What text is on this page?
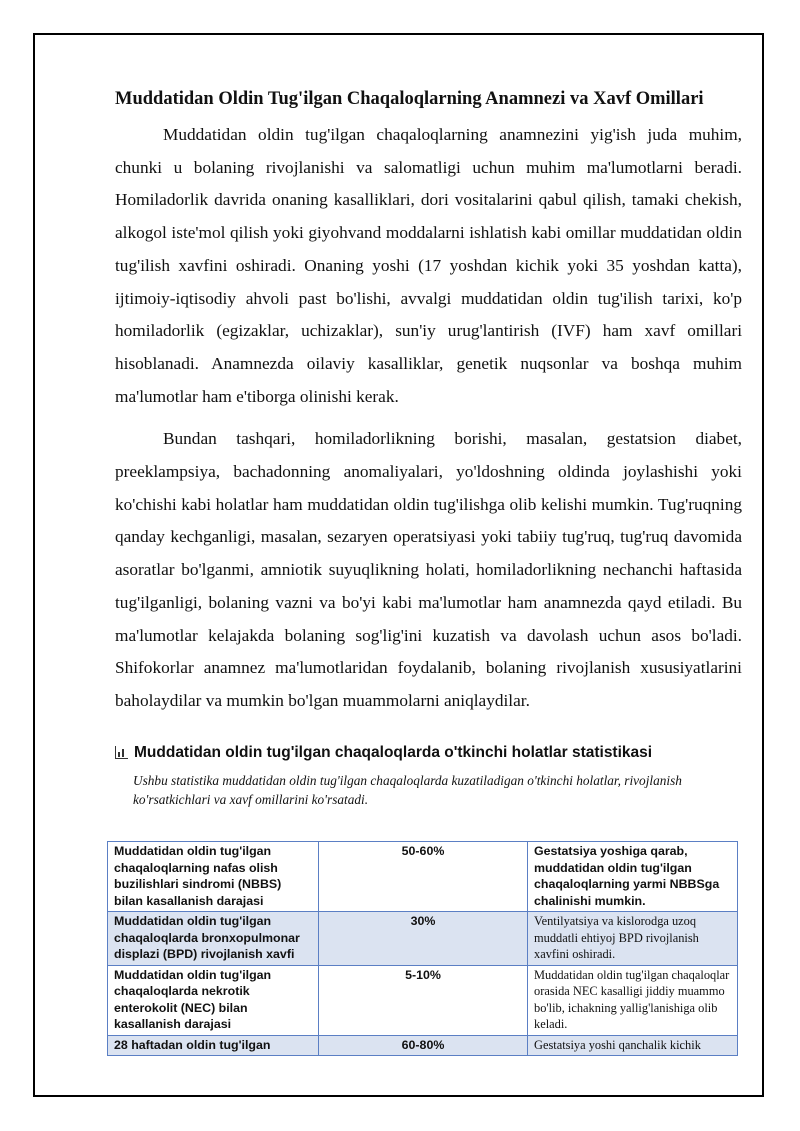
Muddatidan Oldin Tug'ilgan Chaqaloqlarning Anamnezi va Xavf Omillari

Muddatidan oldin tug'ilgan chaqaloqlarning anamnezini yig'ish juda muhim, chunki u bolaning rivojlanishi va salomatligi uchun muhim ma'lumotlarni beradi. Homiladorlik davrida onaning kasalliklari, dori vositalarini qabul qilish, tamaki chekish, alkogol iste'mol qilish yoki giyohvand moddalarni ishlatish kabi omillar muddatidan oldin tug'ilish xavfini oshiradi. Onaning yoshi (17 yoshdan kichik yoki 35 yoshdan katta), ijtimoiy-iqtisodiy ahvoli past bo'lishi, avvalgi muddatidan oldin tug'ilish tarixi, ko'p homiladorlik (egizaklar, uchizaklar), sun'iy urug'lantirish (IVF) ham xavf omillari hisoblanadi. Anamnezda oilaviy kasalliklar, genetik nuqsonlar va boshqa muhim ma'lumotlar ham e'tiborga olinishi kerak.

Bundan tashqari, homiladorlikning borishi, masalan, gestatsion diabet, preeklampsiya, bachadonning anomaliyalari, yo'ldoshning oldinda joylashishi yoki ko'chishi kabi holatlar ham muddatidan oldin tug'ilishga olib kelishi mumkin. Tug'ruqning qanday kechganligi, masalan, sezaryen operatsiyasi yoki tabiiy tug'ruq, tug'ruq davomida asoratlar bo'lganmi, amniotik suyuqlikning holati, homiladorlikning nechanchi haftasida tug'ilganligi, bolaning vazni va bo'yi kabi ma'lumotlar ham anamnezda qayd etiladi. Bu ma'lumotlar kelajakda bolaning sog'lig'ini kuzatish va davolash uchun asos bo'ladi. Shifokorlar anamnez ma'lumotlaridan foydalanib, bolaning rivojlanish xususiyatlarini baholaydilar va mumkin bo'lgan muammolarni aniqlaydilar.

Muddatidan oldin tug'ilgan chaqaloqlarda o'tkinchi holatlar statistikasi
Ushbu statistika muddatidan oldin tug'ilgan chaqaloqlarda kuzatiladigan o'tkinchi holatlar, rivojlanish ko'rsatkichlari va xavf omillarini ko'rsatadi.
Muddatidan oldin tug'ilgan chaqaloqlarning nafas olish buzilishlari sindromi (NBBS) bilan kasallanish darajasi	50-60%	Gestatsiya yoshiga qarab, muddatidan oldin tug'ilgan chaqaloqlarning yarmi NBBSga chalinishi mumkin.
Muddatidan oldin tug'ilgan chaqaloqlarda bronxopulmonar displazi (BPD) rivojlanish xavfi	30%	Ventilyatsiya va kislorodga uzoq muddatli ehtiyoj BPD rivojlanish xavfini oshiradi.
Muddatidan oldin tug'ilgan chaqaloqlarda nekrotik enterokolit (NEC) bilan kasallanish darajasi	5-10%	Muddatidan oldin tug'ilgan chaqaloqlar orasida NEC kasalligi jiddiy muammo bo'lib, ichakning yallig'lanishiga olib keladi.
28 haftadan oldin tug'ilgan	60-80%	Gestatsiya yoshi qanchalik kichik
